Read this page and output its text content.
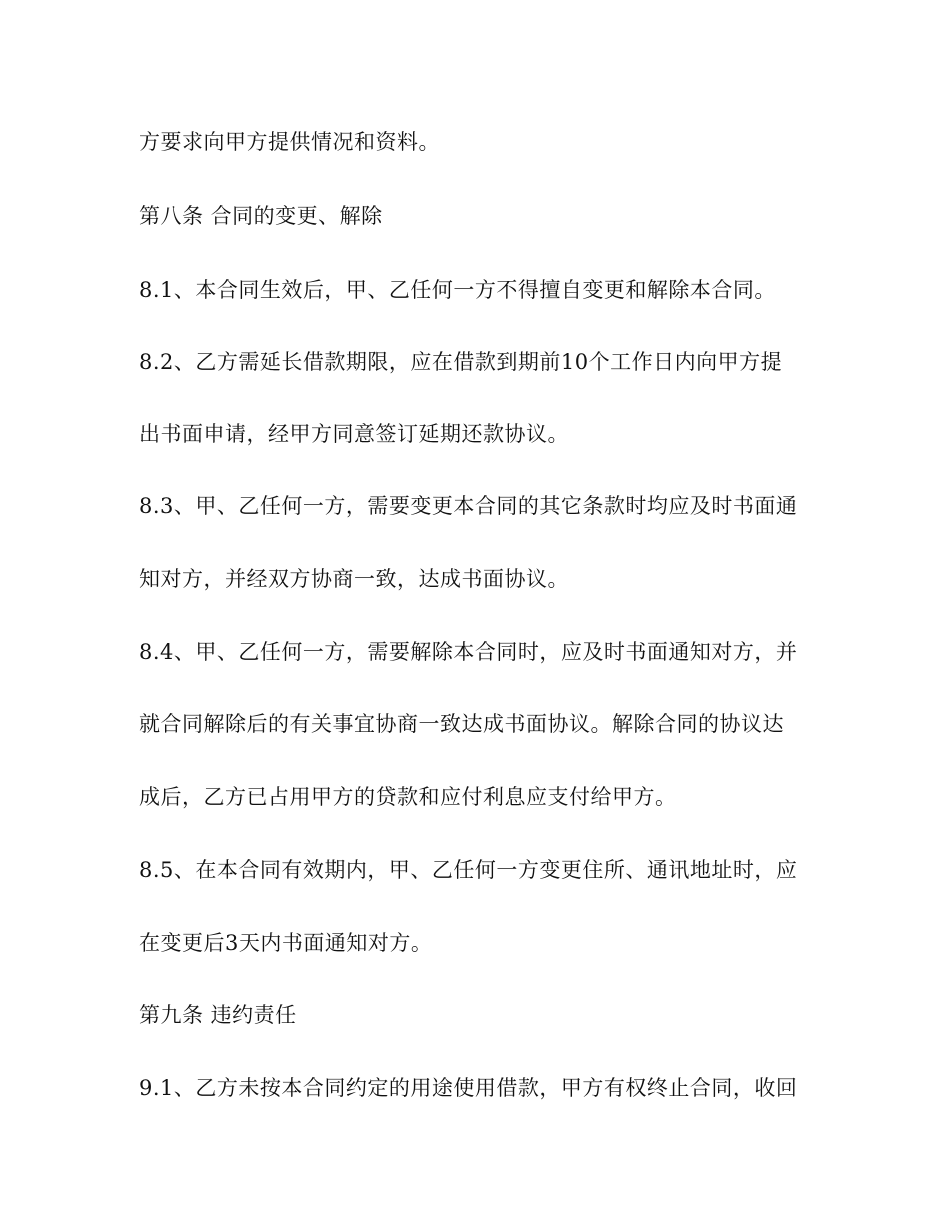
方要求向甲方提供情况和资料。
第八条 合同的变更、解除
8.1、本合同生效后，甲、乙任何一方不得擅自变更和解除本合同。
8.2、乙方需延长借款期限，应在借款到期前10个工作日内向甲方提
出书面申请，经甲方同意签订延期还款协议。
8.3、甲、乙任何一方，需要变更本合同的其它条款时均应及时书面通
知对方，并经双方协商一致，达成书面协议。
8.4、甲、乙任何一方，需要解除本合同时，应及时书面通知对方，并
就合同解除后的有关事宜协商一致达成书面协议。解除合同的协议达
成后，乙方已占用甲方的贷款和应付利息应支付给甲方。
8.5、在本合同有效期内，甲、乙任何一方变更住所、通讯地址时，应
在变更后3天内书面通知对方。
第九条 违约责任
9.1、乙方未按本合同约定的用途使用借款，甲方有权终止合同，收回
